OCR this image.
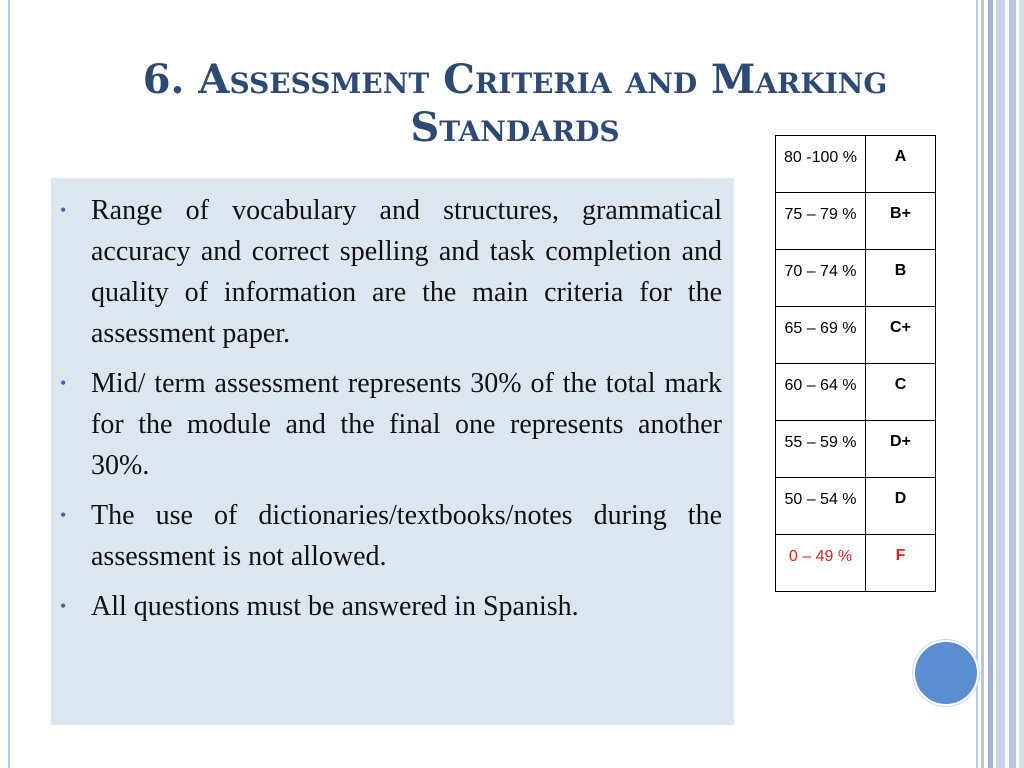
6. Assessment Criteria and Marking Standards
• Range of vocabulary and structures, grammatical accuracy and correct spelling and task completion and quality of information are the main criteria for the assessment paper.
• Mid/ term assessment represents 30% of the total mark for the module and the final one represents another 30%.
• The use of dictionaries/textbooks/notes during the assessment is not allowed.
• All questions must be answered in Spanish.
80 -100 %	A
75 – 79 %	B+
70 – 74 %	B
65 – 69 %	C+
60 – 64 %	C
55 – 59 %	D+
50 – 54 %	D
0 – 49 %	F
